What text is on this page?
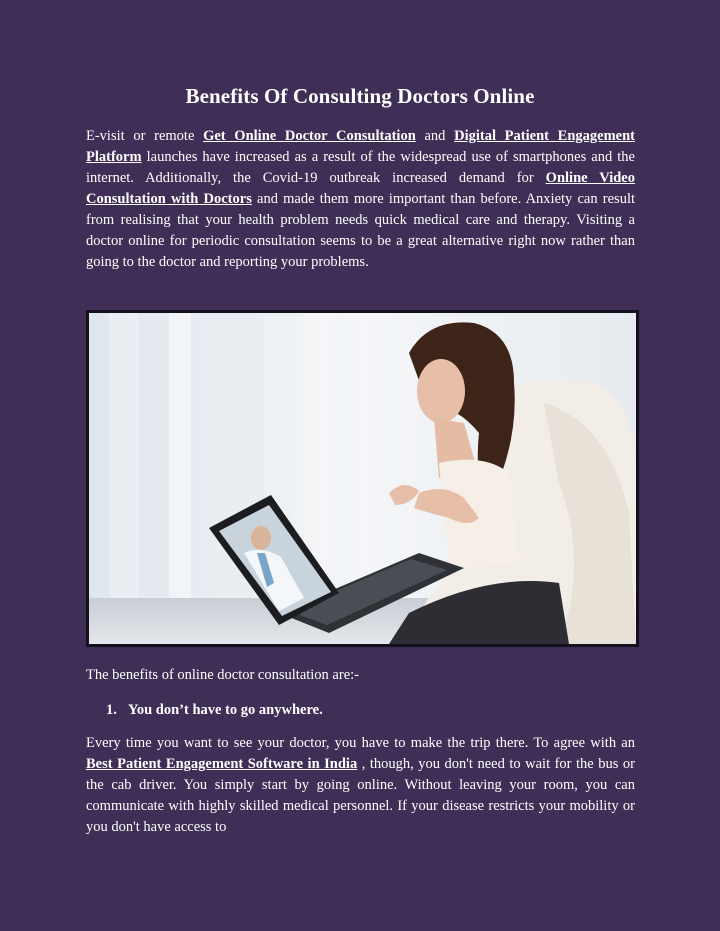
Benefits Of Consulting Doctors Online

E-visit or remote Get Online Doctor Consultation and Digital Patient Engagement Platform launches have increased as a result of the widespread use of smartphones and the internet. Additionally, the Covid-19 outbreak increased demand for Online Video Consultation with Doctors and made them more important than before. Anxiety can result from realising that your health problem needs quick medical care and therapy. Visiting a doctor online for periodic consultation seems to be a great alternative right now rather than going to the doctor and reporting your problems.

The benefits of online doctor consultation are:-

1. You don’t have to go anywhere.

Every time you want to see your doctor, you have to make the trip there. To agree with an Best Patient Engagement Software in India , though, you don't need to wait for the bus or the cab driver. You simply start by going online. Without leaving your room, you can communicate with highly skilled medical personnel. If your disease restricts your mobility or you don't have access to
